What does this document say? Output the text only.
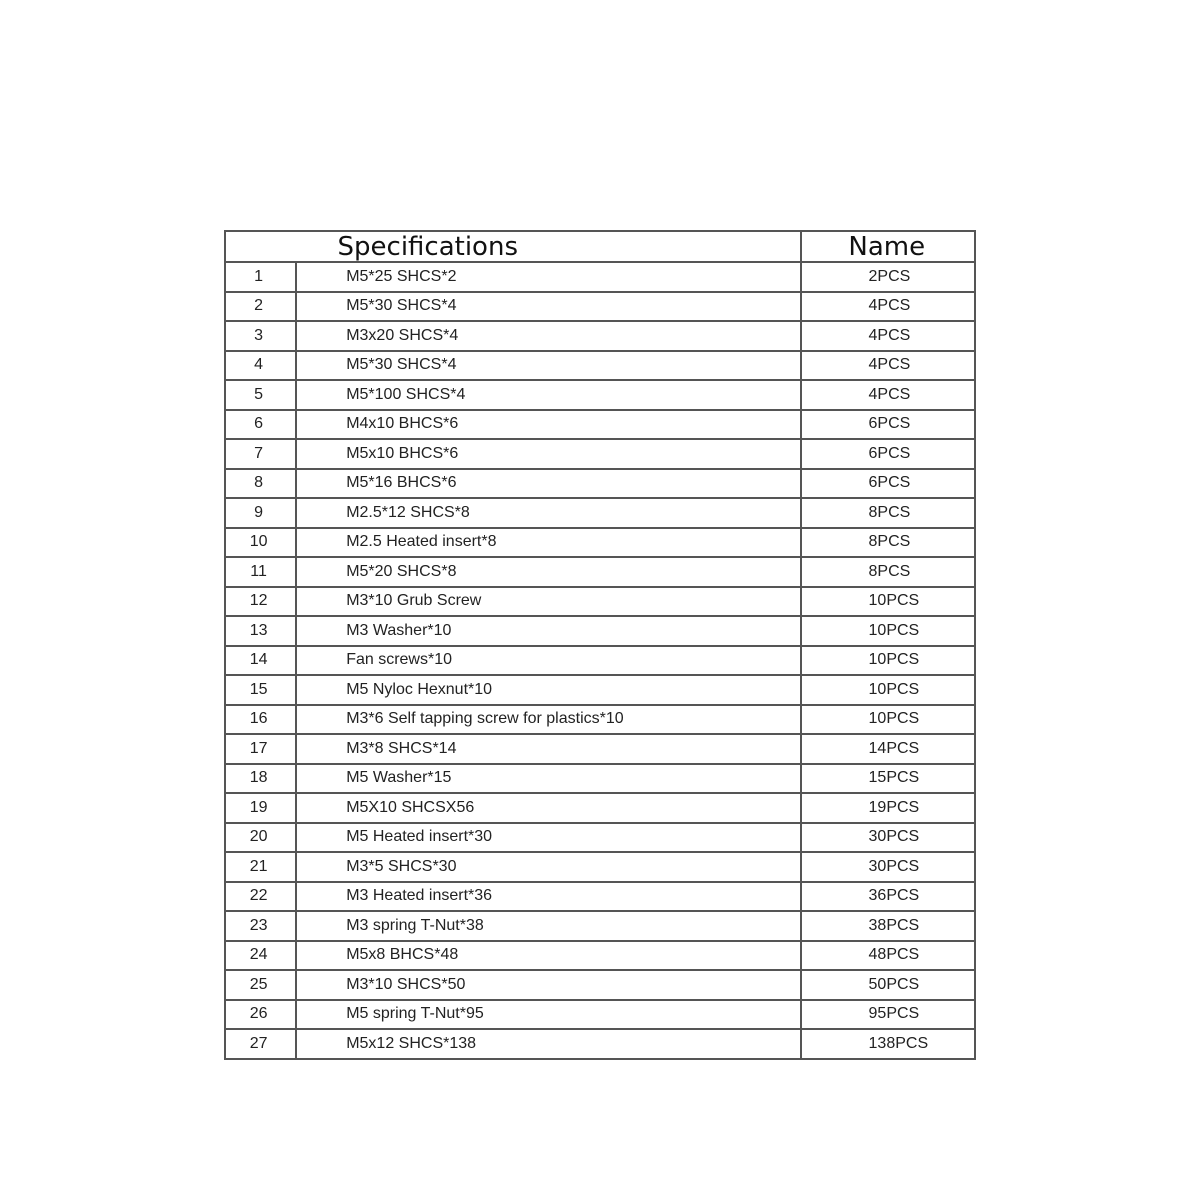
Specifications		Name
1	M5*25 SHCS*2	2PCS
2	M5*30 SHCS*4	4PCS
3	M3x20 SHCS*4	4PCS
4	M5*30 SHCS*4	4PCS
5	M5*100 SHCS*4	4PCS
6	M4x10 BHCS*6	6PCS
7	M5x10 BHCS*6	6PCS
8	M5*16 BHCS*6	6PCS
9	M2.5*12 SHCS*8	8PCS
10	M2.5 Heated insert*8	8PCS
11	M5*20 SHCS*8	8PCS
12	M3*10 Grub Screw	10PCS
13	M3 Washer*10	10PCS
14	Fan screws*10	10PCS
15	M5 Nyloc Hexnut*10	10PCS
16	M3*6 Self tapping screw for plastics*10	10PCS
17	M3*8 SHCS*14	14PCS
18	M5 Washer*15	15PCS
19	M5X10 SHCSX56	19PCS
20	M5 Heated insert*30	30PCS
21	M3*5 SHCS*30	30PCS
22	M3 Heated insert*36	36PCS
23	M3 spring T-Nut*38	38PCS
24	M5x8 BHCS*48	48PCS
25	M3*10 SHCS*50	50PCS
26	M5 spring T-Nut*95	95PCS
27	M5x12 SHCS*138	138PCS
